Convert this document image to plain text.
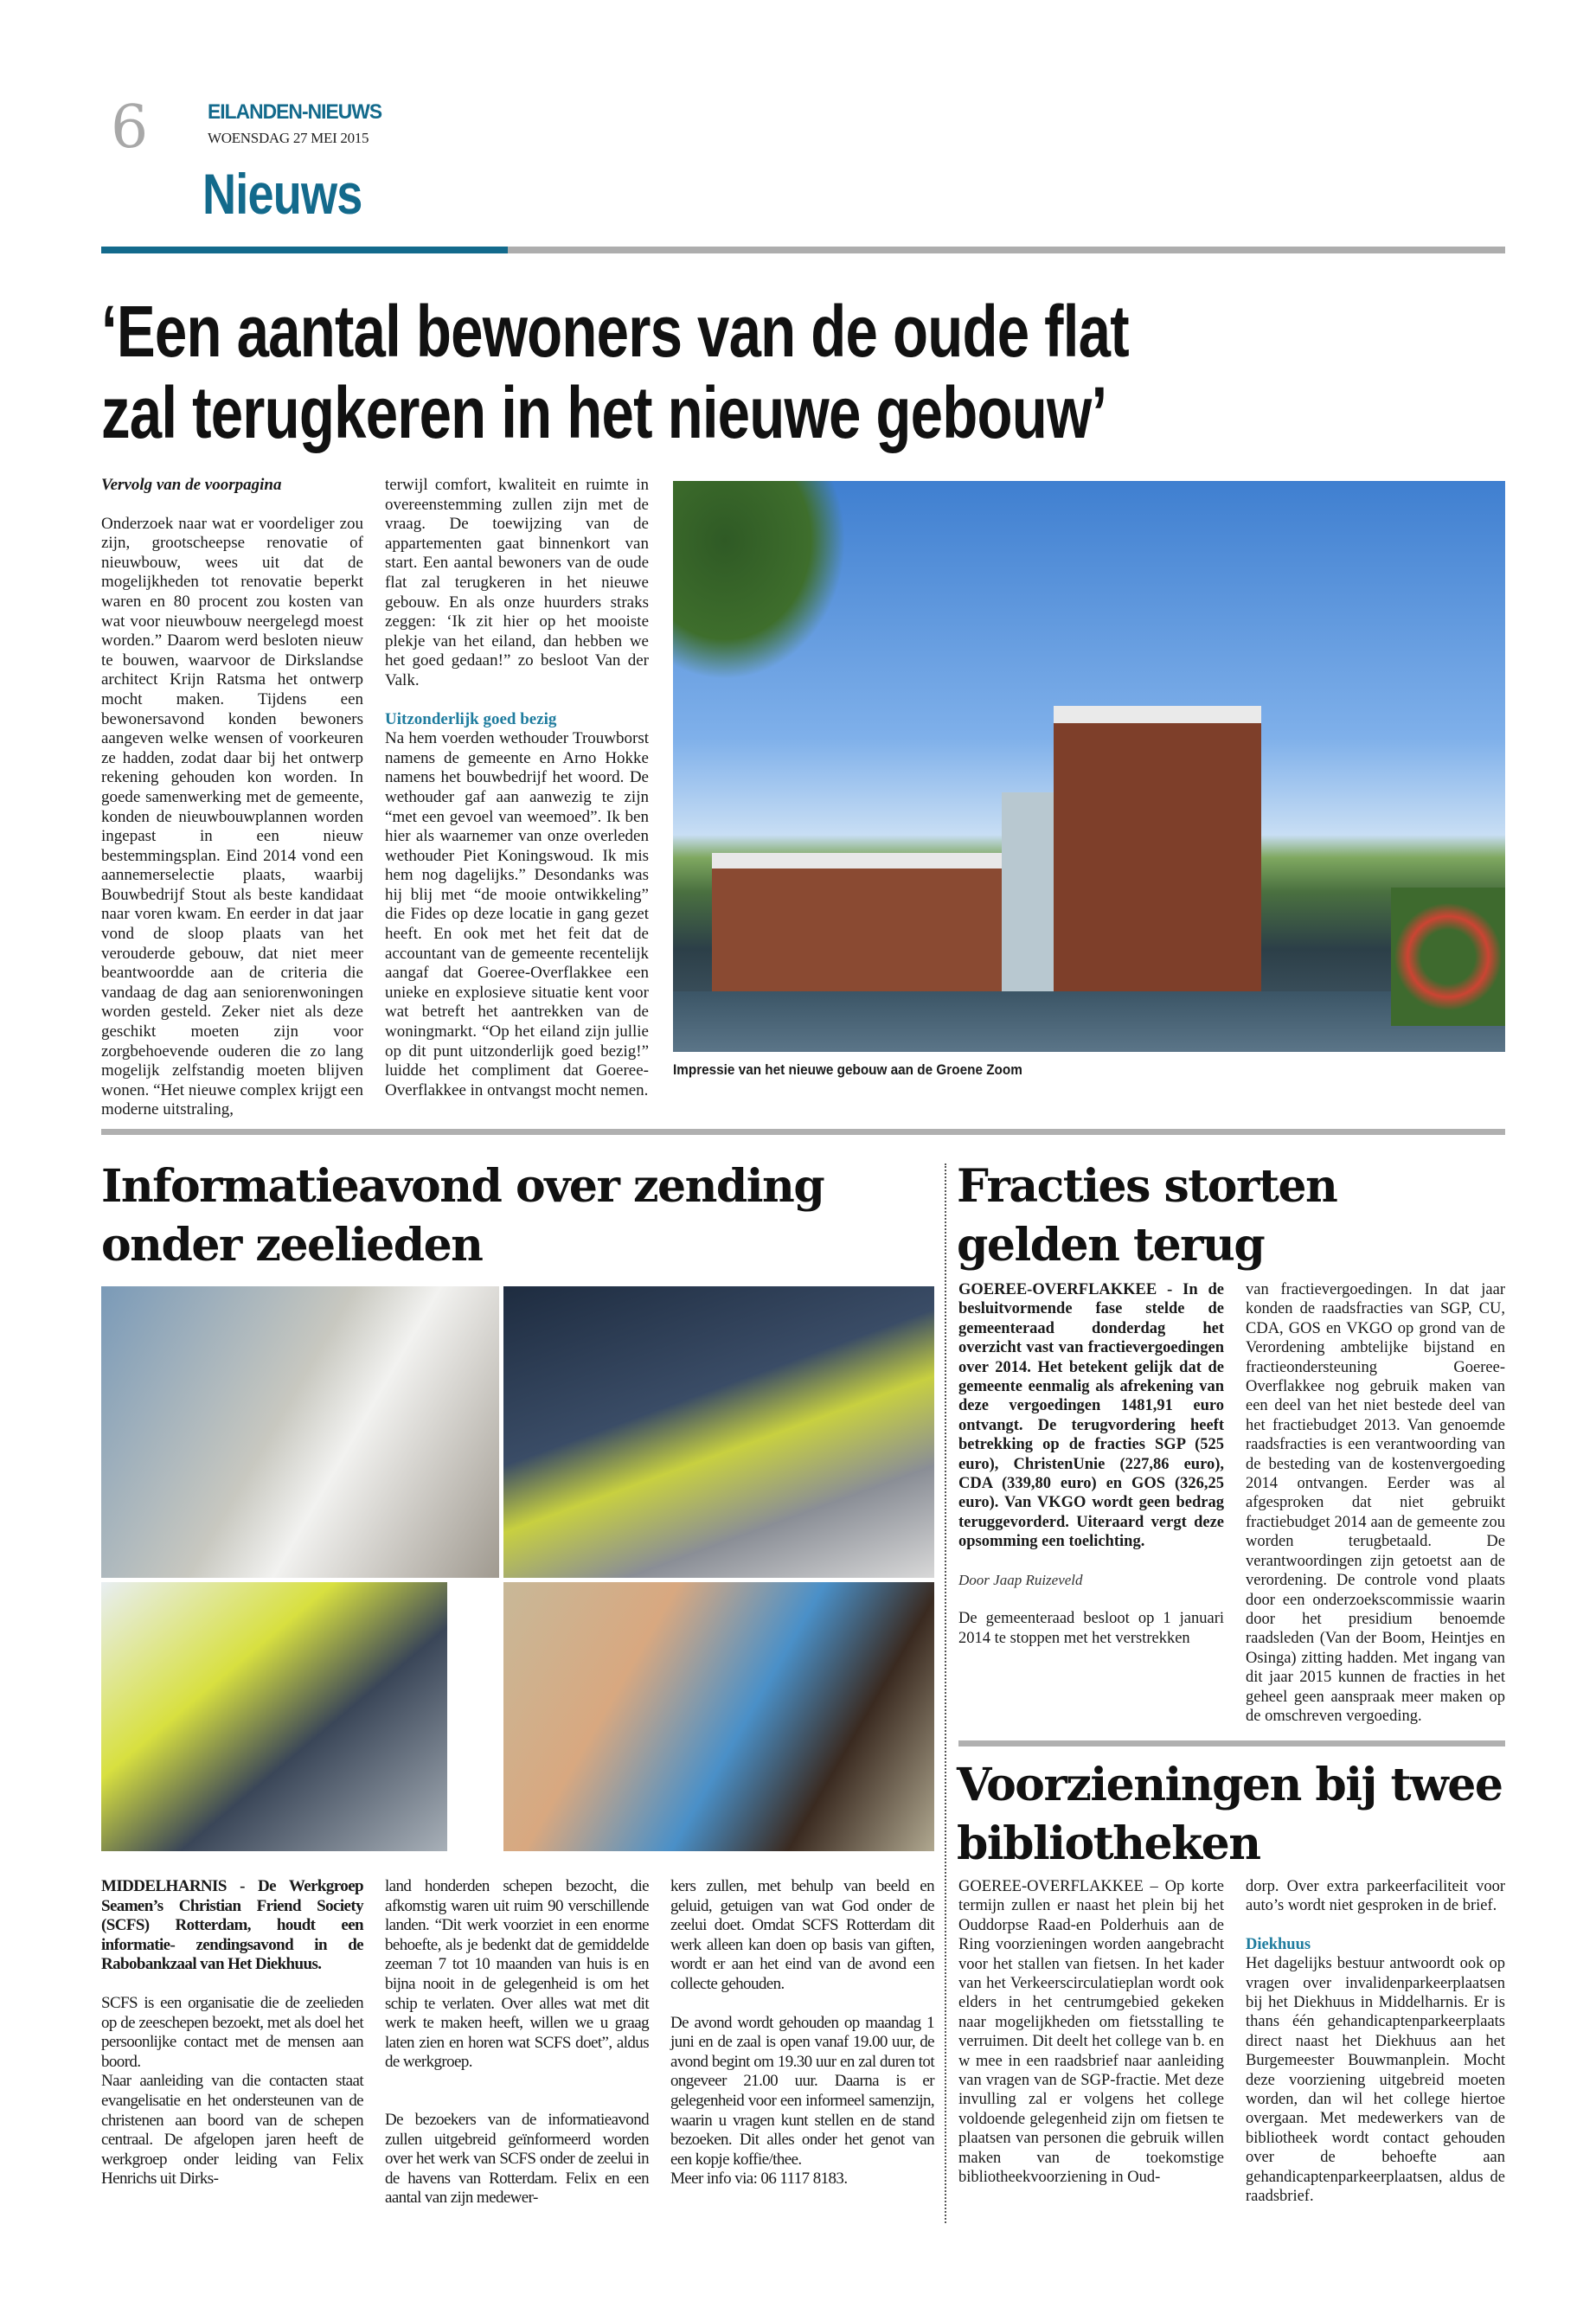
6	EILANDEN-NIEUWS
WOENSDAG 27 MEI 2015
Nieuws
‘Een aantal bewoners van de oude flat
zal terugkeren in het nieuwe gebouw’

Vervolg van de voorpagina

Onderzoek naar wat er voordeliger zou zijn, grootscheepse renovatie of nieuwbouw, wees uit dat de mogelijkheden tot renovatie beperkt waren en 80 procent zou kosten van wat voor nieuwbouw neergelegd moest worden.” Daarom werd besloten nieuw te bouwen, waarvoor de Dirkslandse architect Krijn Ratsma het ontwerp mocht maken. Tijdens een bewonersavond konden bewoners aangeven welke wensen of voorkeuren ze hadden, zodat daar bij het ontwerp rekening gehouden kon worden. In goede samenwerking met de gemeente, konden de nieuwbouwplannen worden ingepast in een nieuw bestemmingsplan. Eind 2014 vond een aannemerselectie plaats, waarbij Bouwbedrijf Stout als beste kandidaat naar voren kwam. En eerder in dat jaar vond de sloop plaats van het verouderde gebouw, dat niet meer beantwoordde aan de criteria die vandaag de dag aan seniorenwoningen worden gesteld. Zeker niet als deze geschikt moeten zijn voor zorgbehoevende ouderen die zo lang mogelijk zelfstandig moeten blijven wonen. “Het nieuwe complex krijgt een moderne uitstraling,

terwijl comfort, kwaliteit en ruimte in overeenstemming zullen zijn met de vraag. De toewijzing van de appartementen gaat binnenkort van start. Een aantal bewoners van de oude flat zal terugkeren in het nieuwe gebouw. En als onze huurders straks zeggen: ‘Ik zit hier op het mooiste plekje van het eiland, dan hebben we het goed gedaan!” zo besloot Van der Valk.

Uitzonderlijk goed bezig

Na hem voerden wethouder Trouwborst namens de gemeente en Arno Hokke namens het bouwbedrijf het woord. De wethouder gaf aan aanwezig te zijn “met een gevoel van weemoed”. Ik ben hier als waarnemer van onze overleden wethouder Piet Koningswoud. Ik mis hem nog dagelijks.” Desondanks was hij blij met “de mooie ontwikkeling” die Fides op deze locatie in gang gezet heeft. En ook met het feit dat de accountant van de gemeente recentelijk aangaf dat Goeree-Overflakkee een unieke en explosieve situatie kent voor wat betreft het aantrekken van de woningmarkt. “Op het eiland zijn jullie op dit punt uitzonderlijk goed bezig!” luidde het compliment dat Goeree-Overflakkee in ontvangst mocht nemen.

Impressie van het nieuwe gebouw aan de Groene Zoom
Informatieavond over zending
onder zeelieden

MIDDELHARNIS - De Werkgroep Seamen’s Christian Friend Society (SCFS) Rotterdam, houdt een informatie- zendingsavond in de Rabobankzaal van Het Diekhuus.

SCFS is een organisatie die de zeelieden op de zeeschepen bezoekt, met als doel het persoonlijke contact met de mensen aan boord.

Naar aanleiding van die contacten staat evangelisatie en het ondersteunen van de christenen aan boord van de schepen centraal. De afgelopen jaren heeft de werkgroep onder leiding van Felix Henrichs uit Dirks-

land honderden schepen bezocht, die afkomstig waren uit ruim 90 verschillende landen. “Dit werk voorziet in een enorme behoefte, als je bedenkt dat de gemiddelde zeeman 7 tot 10 maanden van huis is en bijna nooit in de gelegenheid is om het schip te verlaten. Over alles wat met dit werk te maken heeft, willen we u graag laten zien en horen wat SCFS doet”, aldus de werkgroep.

De bezoekers van de informatieavond zullen uitgebreid geïnformeerd worden over het werk van SCFS onder de zeelui in de havens van Rotterdam. Felix en een aantal van zijn medewer-

kers zullen, met behulp van beeld en geluid, getuigen van wat God onder de zeelui doet. Omdat SCFS Rotterdam dit werk alleen kan doen op basis van giften, wordt er aan het eind van de avond een collecte gehouden.

De avond wordt gehouden op maandag 1 juni en de zaal is open vanaf 19.00 uur, de avond begint om 19.30 uur en zal duren tot ongeveer 21.00 uur. Daarna is er gelegenheid voor een informeel samenzijn, waarin u vragen kunt stellen en de stand bezoeken. Dit alles onder het genot van een kopje koffie/thee.

Meer info via: 06 1117 8183.

Fracties storten
gelden terug

GOEREE-OVERFLAKKEE - In de besluitvormende fase stelde de gemeenteraad donderdag het overzicht vast van fractievergoedingen over 2014. Het betekent gelijk dat de gemeente eenmalig als afrekening van deze vergoedingen 1481,91 euro ontvangt. De terugvordering heeft betrekking op de fracties SGP (525 euro), ChristenUnie (227,86 euro), CDA (339,80 euro) en GOS (326,25 euro). Van VKGO wordt geen bedrag teruggevorderd. Uiteraard vergt deze opsomming een toelichting.

Door Jaap Ruizeveld

De gemeenteraad besloot op 1 januari 2014 te stoppen met het verstrekken

van fractievergoedingen. In dat jaar konden de raadsfracties van SGP, CU, CDA, GOS en VKGO op grond van de Verordening ambtelijke bijstand en fractieondersteuning Goeree-Overflakkee nog gebruik maken van een deel van het niet bestede deel van het fractiebudget 2013. Van genoemde raadsfracties is een verantwoording van de besteding van de kostenvergoeding 2014 ontvangen. Eerder was al afgesproken dat niet gebruikt fractiebudget 2014 aan de gemeente zou worden terugbetaald. De verantwoordingen zijn getoetst aan de verordening. De controle vond plaats door een onderzoekscommissie waarin door het presidium benoemde raadsleden (Van der Boom, Heintjes en Osinga) zitting hadden. Met ingang van dit jaar 2015 kunnen de fracties in het geheel geen aanspraak meer maken op de omschreven vergoeding.

Voorzieningen bij twee
bibliotheken

GOEREE-OVERFLAKKEE – Op korte termijn zullen er naast het plein bij het Ouddorpse Raad-en Polderhuis aan de Ring voorzieningen worden aangebracht voor het stallen van fietsen. In het kader van het Verkeerscirculatieplan wordt ook elders in het centrumgebied gekeken naar mogelijkheden om fietsstalling te verruimen. Dit deelt het college van b. en w mee in een raadsbrief naar aanleiding van vragen van de SGP-fractie. Met deze invulling zal er volgens het college voldoende gelegenheid zijn om fietsen te plaatsen van personen die gebruik willen maken van de toekomstige bibliotheekvoorziening in Oud-

dorp. Over extra parkeerfaciliteit voor auto’s wordt niet gesproken in de brief.

Diekhuus

Het dagelijks bestuur antwoordt ook op vragen over invalidenparkeerplaatsen bij het Diekhuus in Middelharnis. Er is thans één gehandicaptenparkeerplaats direct naast het Diekhuus aan het Burgemeester Bouwmanplein. Mocht deze voorziening uitgebreid moeten worden, dan wil het college hiertoe overgaan. Met medewerkers van de bibliotheek wordt contact gehouden over de behoefte aan gehandicaptenparkeerplaatsen, aldus de raadsbrief.
